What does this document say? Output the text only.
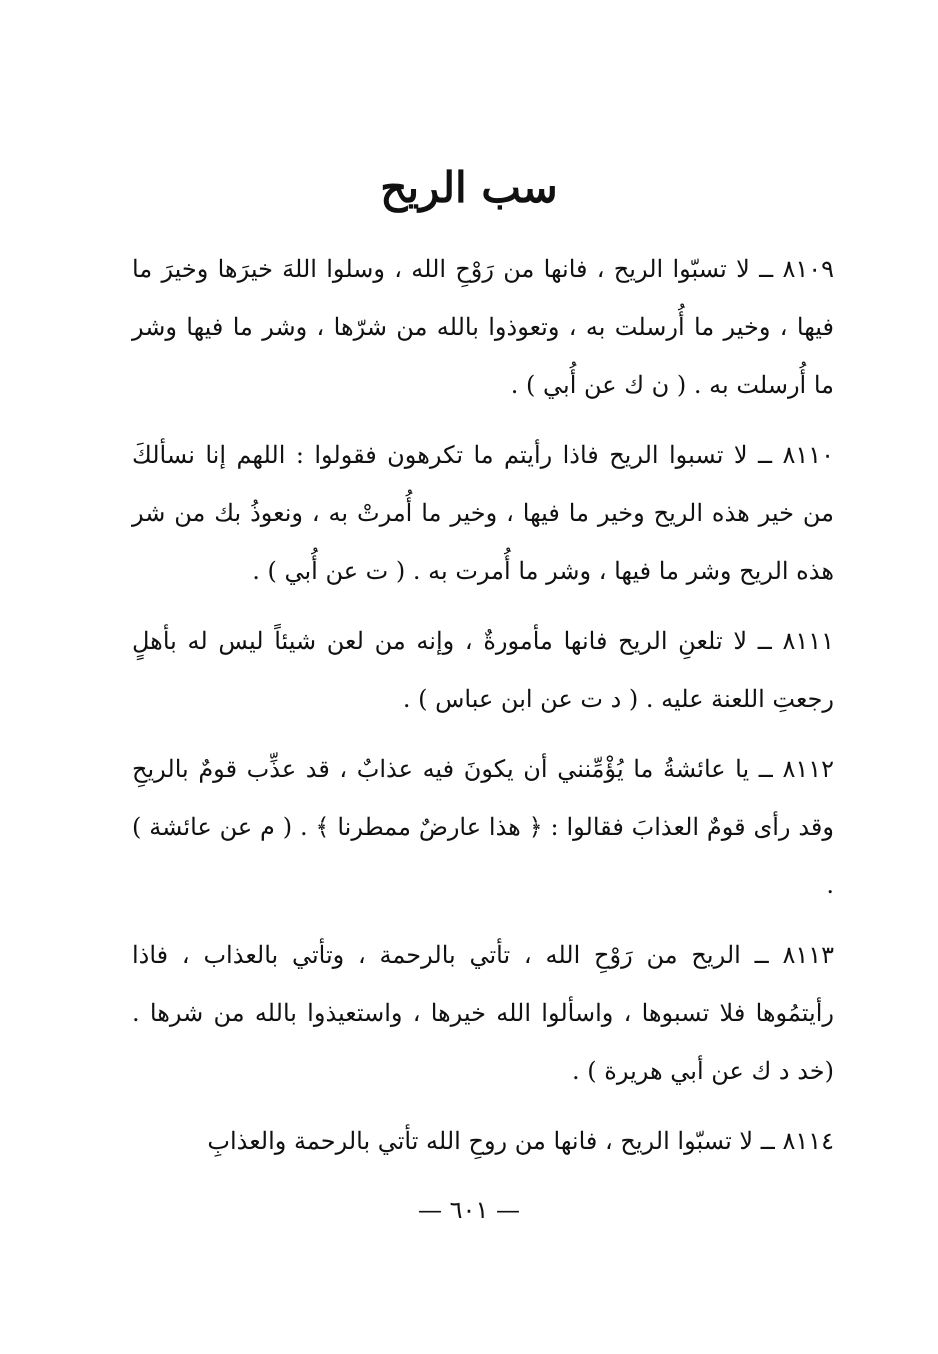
سب الريح

٨١٠٩ ــ لا تسبّوا الريح ، فانها من رَوْحِ الله ، وسلوا اللهَ خيرَها وخيرَ ما فيها ، وخير ما أُرسلت به ، وتعوذوا بالله من شرّها ، وشر ما فيها وشر ما أُرسلت به . ( ن ك عن أُبي ) .

٨١١٠ ــ لا تسبوا الريح فاذا رأيتم ما تكرهون فقولوا : اللهم إنا نسألكَ من خير هذه الريح وخير ما فيها ، وخير ما أُمرتْ به ، ونعوذُ بك من شر هذه الريح وشر ما فيها ، وشر ما أُمرت به . ( ت عن أُبي ) .

٨١١١ ــ لا تلعنِ الريح فانها مأمورةٌ ، وإنه من لعن شيئاً ليس له بأهلٍ رجعتِ اللعنة عليه . ( د ت عن ابن عباس ) .

٨١١٢ ــ يا عائشةُ ما يُؤْمِّنني أن يكونَ فيه عذابٌ ، قد عذِّب قومٌ بالريحِ وقد رأى قومٌ العذابَ فقالوا : ﴿ هذا عارضٌ ممطرنا ﴾ . ( م عن عائشة ) .

٨١١٣ ــ الريح من رَوْحِ الله ، تأتي بالرحمة ، وتأتي بالعذاب ، فاذا رأيتمُوها فلا تسبوها ، واسألوا الله خيرها ، واستعيذوا بالله من شرها . (خد د ك عن أبي هريرة ) .

٨١١٤ ــ لا تسبّوا الريح ، فانها من روحِ الله تأتي بالرحمة والعذابِ

— ٦٠١ —
